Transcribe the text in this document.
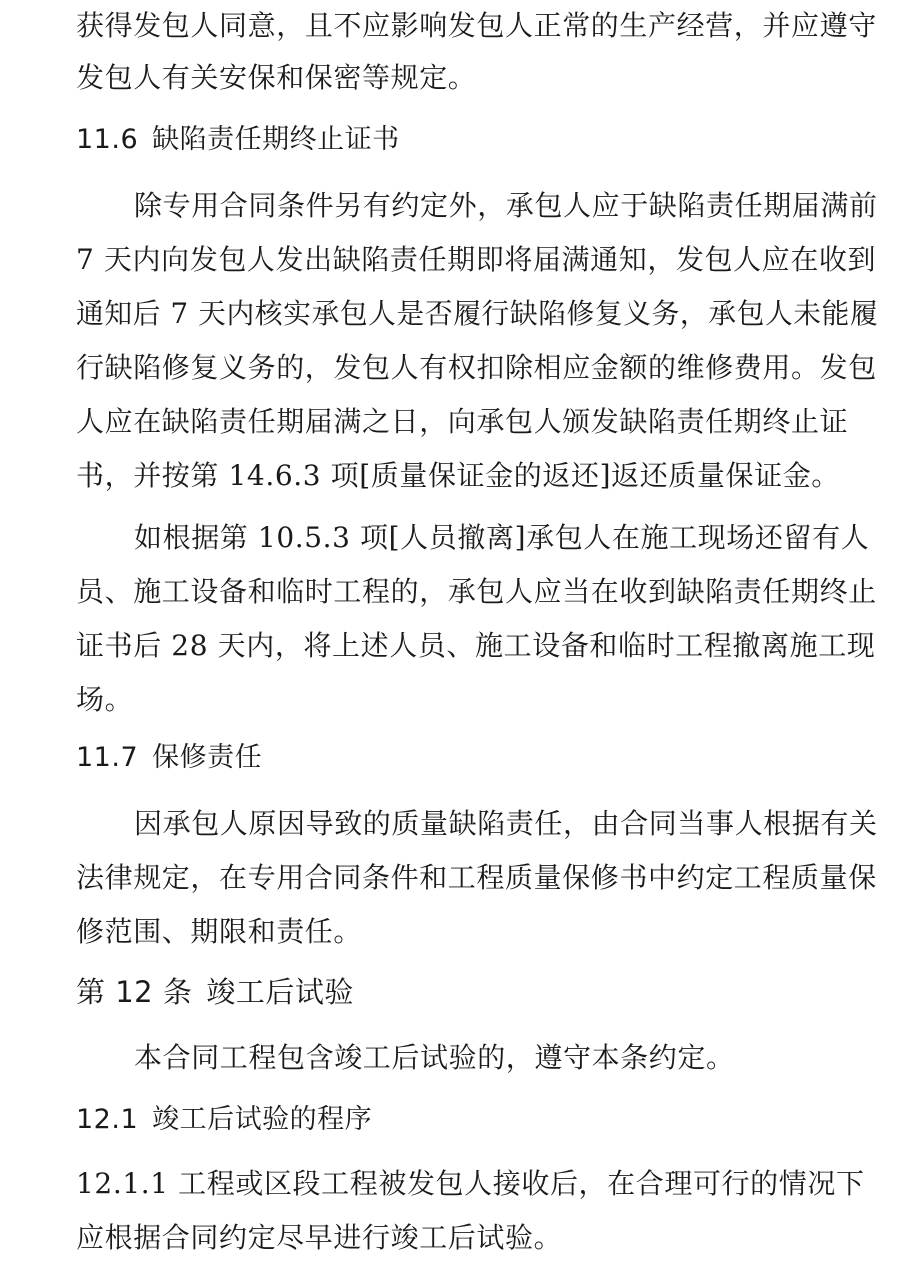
获得发包人同意，且不应影响发包人正常的生产经营，并应遵守
发包人有关安保和保密等规定。
11.6 缺陷责任期终止证书
除专用合同条件另有约定外，承包人应于缺陷责任期届满前
7 天内向发包人发出缺陷责任期即将届满通知，发包人应在收到
通知后 7 天内核实承包人是否履行缺陷修复义务，承包人未能履
行缺陷修复义务的，发包人有权扣除相应金额的维修费用。发包
人应在缺陷责任期届满之日，向承包人颁发缺陷责任期终止证
书，并按第 14.6.3 项[质量保证金的返还]返还质量保证金。
如根据第 10.5.3 项[人员撤离]承包人在施工现场还留有人
员、施工设备和临时工程的，承包人应当在收到缺陷责任期终止
证书后 28 天内，将上述人员、施工设备和临时工程撤离施工现
场。
11.7 保修责任
因承包人原因导致的质量缺陷责任，由合同当事人根据有关
法律规定，在专用合同条件和工程质量保修书中约定工程质量保
修范围、期限和责任。
第 12 条 竣工后试验
本合同工程包含竣工后试验的，遵守本条约定。
12.1 竣工后试验的程序
12.1.1 工程或区段工程被发包人接收后，在合理可行的情况下
应根据合同约定尽早进行竣工后试验。
